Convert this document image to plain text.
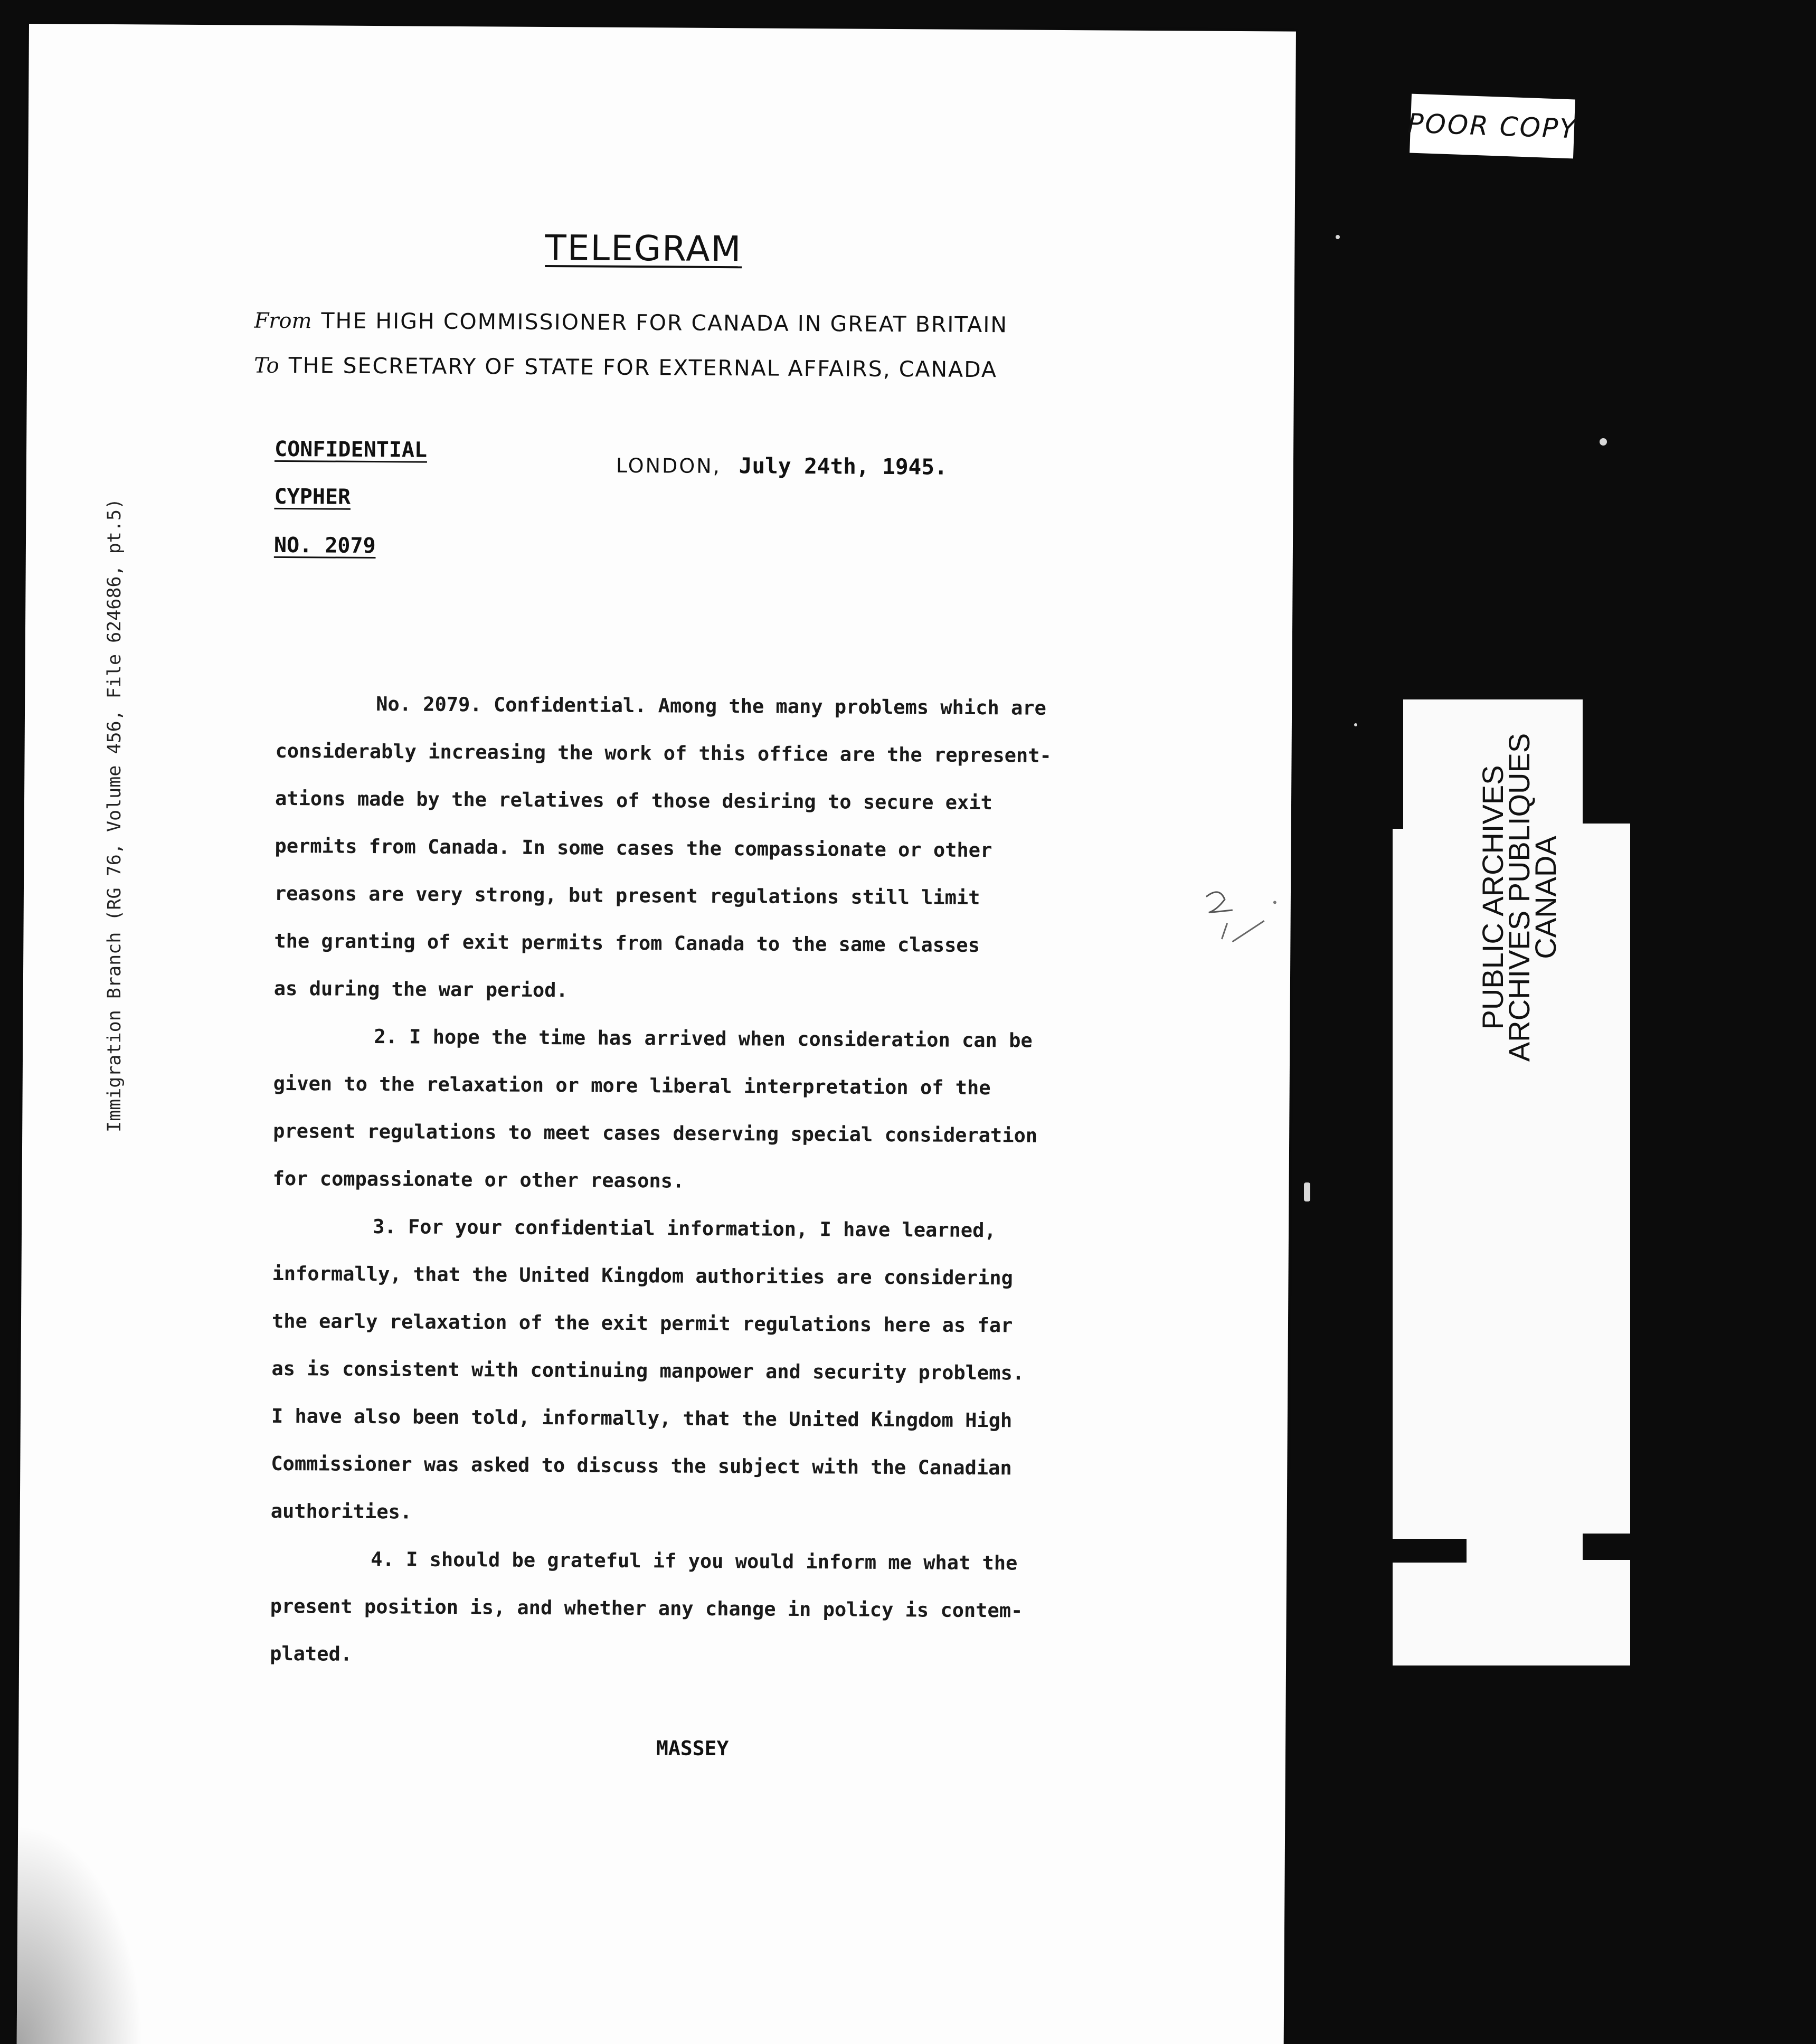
TELEGRAM
From THE HIGH COMMISSIONER FOR CANADA IN GREAT BRITAIN
To THE SECRETARY OF STATE FOR EXTERNAL AFFAIRS, CANADA
CONFIDENTIAL
CYPHER
NO. 2079
LONDON, July 24th, 1945.
No. 2079. Confidential. Among the many problems which are
considerably increasing the work of this office are the represent-
ations made by the relatives of those desiring to secure exit
permits from Canada. In some cases the compassionate or other
reasons are very strong, but present regulations still limit
the granting of exit permits from Canada to the same classes
as during the war period.
2. I hope the time has arrived when consideration can be
given to the relaxation or more liberal interpretation of the
present regulations to meet cases deserving special consideration
for compassionate or other reasons.
3. For your confidential information, I have learned,
informally, that the United Kingdom authorities are considering
the early relaxation of the exit permit regulations here as far
as is consistent with continuing manpower and security problems.
I have also been told, informally, that the United Kingdom High
Commissioner was asked to discuss the subject with the Canadian
authorities.
4. I should be grateful if you would inform me what the
present position is, and whether any change in policy is contem-
plated.
MASSEY
POOR COPY
Immigration Branch (RG 76, Volume 456, File 624686, pt.5)	PUBLIC ARCHIVES
ARCHIVES PUBLIQUES
CANADA
